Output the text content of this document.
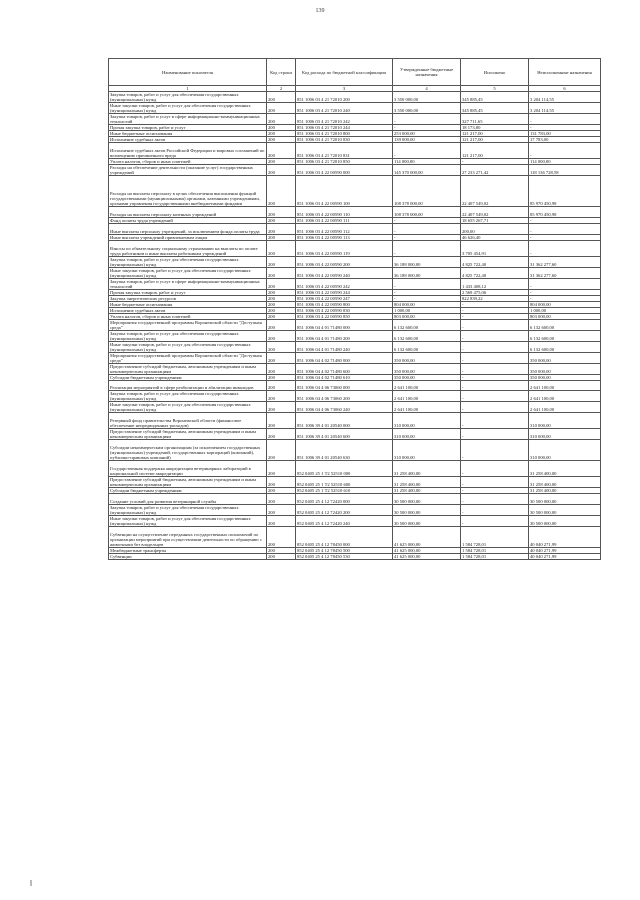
139
Наименование показателя	Код строки	Код расхода по бюджетной классификации	Утвержденные бюджетные назначения	Исполнено	Неисполненные назначения
1	2	3	4	5	6
Закупка товаров, работ и услуг для обеспечения государственных (муниципальных) нужд	200	851 1006 03 4 21 72010 200	3 550 000,00	345 885,45	3 204 114,55
Иные закупки товаров, работ и услуг для обеспечения государственных (муниципальных) нужд	200	851 1006 03 4 21 72010 240	3 550 000,00	345 885,45	3 204 114,55
Закупка товаров, работ и услуг в сфере информационно-коммуникационных технологий	200	851 1006 03 4 21 72010 242	-	327 711,65	-
Прочая закупка товаров, работ и услуг	200	851 1006 03 4 21 72010 244	-	18 173,80	-
Иные бюджетные ассигнования	200	851 1006 03 4 21 72010 800	253 000,00	121 217,00	131 783,00
Исполнение судебных актов	200	851 1006 03 4 21 72010 830	139 000,00	121 217,00	17 783,00
Исполнение судебных актов Российской Федерации и мировых соглашений по возмещению причиненного вреда	200	851 1006 03 4 21 72010 831	-	121 217,00	-
Уплата налогов, сборов и иных платежей	200	851 1006 03 4 21 72010 850	114 000,00	-	114 000,00
Расходы на обеспечение деятельности (оказание услуг) государственных учреждений	200	851 1006 03 4 22 00590 000	145 370 000,00	27 233 271,42	118 136 728,58
Расходы на выплаты персоналу в целях обеспечения выполнения функций государственными (муниципальными) органами, казенными учреждениями, органами управления государственными внебюджетными фондами	200	851 1006 03 4 22 00590 100	108 378 000,00	22 407 549,02	85 970 450,98
Расходы на выплаты персоналу казенных учреждений	200	851 1006 03 4 22 00590 110	108 378 000,00	22 407 549,02	85 970 450,98
Фонд оплаты труда учреждений	200	851 1006 03 4 22 00590 111	-	18 655 267,71	-
Иные выплаты персоналу учреждений, за исключением фонда оплаты труда	200	851 1006 03 4 22 00590 112	-	200,00	-
Иные выплаты учреждений привлекаемым лицам	200	851 1006 03 4 22 00590 113	-	46 626,40	-
Взносы по обязательному социальному страхованию на выплаты по оплате труда работников и иные выплаты работникам учреждений	200	851 1006 03 4 22 00590 119	-	3 705 454,91	-
Закупка товаров, работ и услуг для обеспечения государственных (муниципальных) нужд	200	851 1006 03 4 22 00590 200	36 188 000,00	4 825 722,40	31 362 277,60
Иные закупки товаров, работ и услуг для обеспечения государственных (муниципальных) нужд	200	851 1006 03 4 22 00590 240	36 188 000,00	4 825 722,40	31 362 277,60
Закупка товаров, работ и услуг в сфере информационно-коммуникационных технологий	200	851 1006 03 4 22 00590 242	-	1 433 408,12	-
Прочая закупка товаров, работ и услуг	200	851 1006 03 4 22 00590 244	-	2 569 475,06	-
Закупка энергетических ресурсов	200	851 1006 03 4 22 00590 247	-	822 839,22	-
Иные бюджетные ассигнования	200	851 1006 03 4 22 00590 800	804 000,00	-	804 000,00
Исполнение судебных актов	200	851 1006 03 4 22 00590 830	1 000,00	-	1 000,00
Уплата налогов, сборов и иных платежей	200	851 1006 03 4 22 00590 850	803 000,00	-	803 000,00
Мероприятия государственной программы Воронежской области "Доступная среда"	200	851 1006 04 4 01 71480 000	6 132 600,00	-	6 132 600,00
Закупка товаров, работ и услуг для обеспечения государственных (муниципальных) нужд	200	851 1006 04 4 01 71480 200	6 132 600,00	-	6 132 600,00
Иные закупки товаров, работ и услуг для обеспечения государственных (муниципальных) нужд	200	851 1006 04 4 01 71480 240	6 132 600,00	-	6 132 600,00
Мероприятия государственной программы Воронежской области "Доступная среда"	200	851 1006 04 4 02 71480 000	350 000,00	-	350 000,00
Предоставление субсидий бюджетным, автономным учреждениям и иным некоммерческим организациям	200	851 1006 04 4 02 71480 600	350 000,00	-	350 000,00
Субсидии бюджетным учреждениям	200	851 1006 04 4 02 71480 610	350 000,00	-	350 000,00
Реализация мероприятий в сфере реабилитации и абилитации инвалидов	200	851 1006 04 4 06 73060 000	2 641 100,00	-	2 641 100,00
Закупка товаров, работ и услуг для обеспечения государственных (муниципальных) нужд	200	851 1006 04 4 06 73060 200	2 641 100,00	-	2 641 100,00
Иные закупки товаров, работ и услуг для обеспечения государственных (муниципальных) нужд	200	851 1006 04 4 06 73060 240	2 641 100,00	-	2 641 100,00
Резервный фонд правительства Воронежской области (финансовое обеспечение непредвиденных расходов)	200	851 1006 39 4 01 20540 000	310 000,00	-	310 000,00
Предоставление субсидий бюджетным, автономным учреждениям и иным некоммерческим организациям	200	851 1006 39 4 01 20540 600	310 000,00	-	310 000,00
Субсидии некоммерческим организациям (за исключением государственных (муниципальных) учреждений, государственных корпораций (компаний), публично-правовых компаний)	200	851 1006 39 4 01 20540 630	310 000,00	-	310 000,00
Государственная поддержка аккредитации ветеринарных лабораторий в национальной системе аккредитации	200	852 0405 25 1 Т2 52510 000	31 258 400,00	-	31 258 400,00
Предоставление субсидий бюджетным, автономным учреждениям и иным некоммерческим организациям	200	852 0405 25 1 Т2 52510 600	31 258 400,00	-	31 258 400,00
Субсидии бюджетным учреждениям	200	852 0405 25 1 Т2 52510 610	31 258 400,00	-	31 258 400,00
Создание условий для развития ветеринарной службы	200	852 0405 25 4 12 72420 000	30 500 000,00	-	30 500 000,00
Закупка товаров, работ и услуг для обеспечения государственных (муниципальных) нужд	200	852 0405 25 4 12 72420 200	30 500 000,00	-	30 500 000,00
Иные закупки товаров, работ и услуг для обеспечения государственных (муниципальных) нужд	200	852 0405 25 4 12 72420 240	30 500 000,00	-	30 500 000,00
Субвенции на осуществление переданных государственных полномочий по организации мероприятий при осуществлении деятельности по обращению с животными без владельцев	200	852 0405 25 4 12 78450 000	41 625 000,00	1 584 728,01	40 040 271,99
Межбюджетные трансферты	200	852 0405 25 4 12 78450 500	41 625 000,00	1 584 728,01	40 040 271,99
Субвенции	200	852 0405 25 4 12 78450 530	41 625 000,00	1 584 728,01	40 040 271,99
